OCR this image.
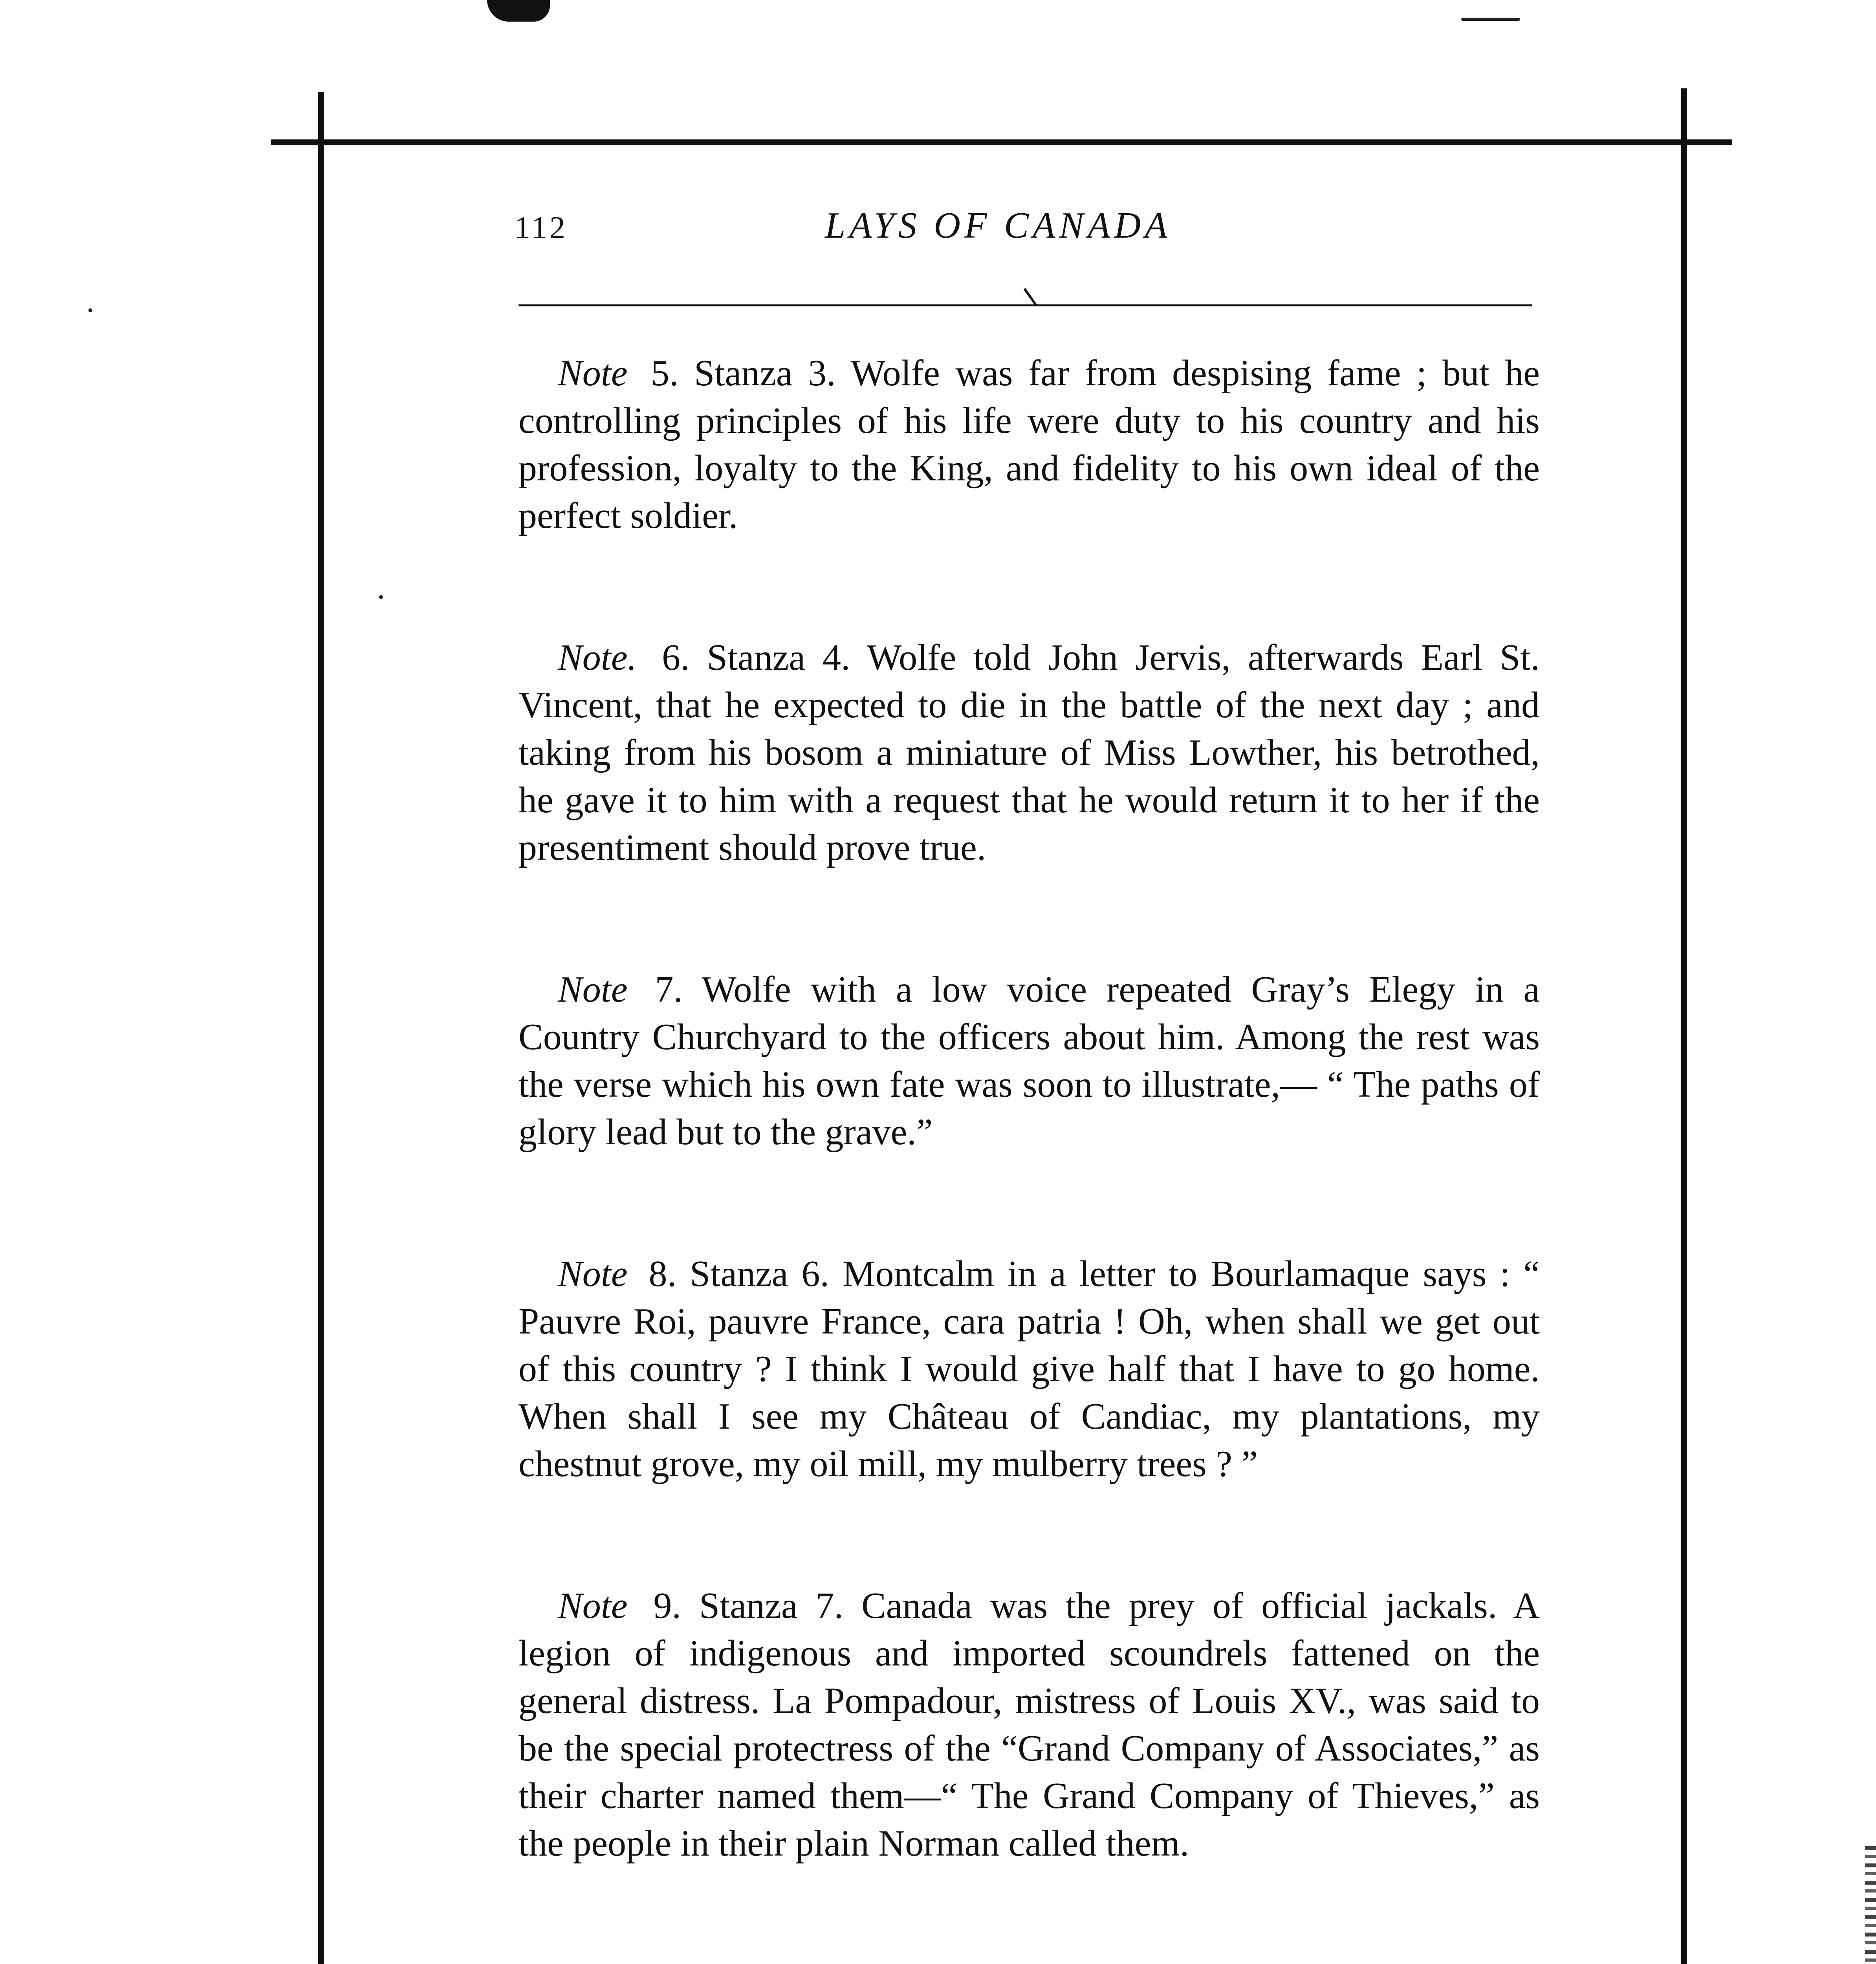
112	LAYS OF CANADA

Note 5. Stanza 3. Wolfe was far from despising fame ; but he controlling principles of his life were duty to his country and his profession, loyalty to the King, and fidelity to his own ideal of the perfect soldier.

Note. 6. Stanza 4. Wolfe told John Jervis, afterwards Earl St. Vincent, that he expected to die in the battle of the next day ; and taking from his bosom a miniature of Miss Lowther, his betrothed, he gave it to him with a request that he would return it to her if the presentiment should prove true.

Note 7. Wolfe with a low voice repeated Gray’s Elegy in a Country Churchyard to the officers about him. Among the rest was the verse which his own fate was soon to illustrate,— “ The paths of glory lead but to the grave.”

Note 8. Stanza 6. Montcalm in a letter to Bourlamaque says : “ Pauvre Roi, pauvre France, cara patria ! Oh, when shall we get out of this country ? I think I would give half that I have to go home. When shall I see my Château of Candiac, my plantations, my chestnut grove, my oil mill, my mulberry trees ? ”

Note 9. Stanza 7. Canada was the prey of official jackals. A legion of indigenous and imported scoundrels fattened on the general distress. La Pompadour, mistress of Louis XV., was said to be the special protectress of the “Grand Company of Associates,” as their charter named them—“ The Grand Company of Thieves,” as the people in their plain Norman called them.
